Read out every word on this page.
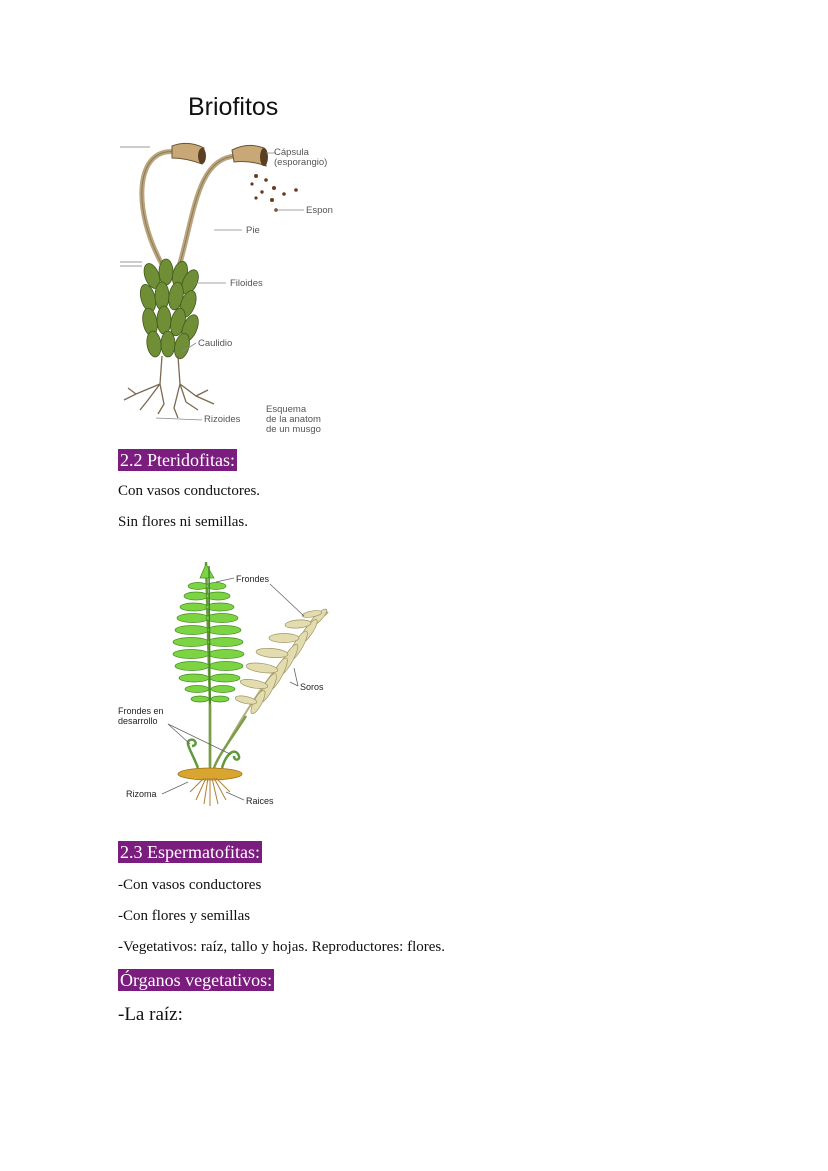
Briofitos
Cápsula
(esporangio)
Espon
Pie
Filoides
Caulidio
Rizoides
Esquema
de la anatom
de un musgo
2.2 Pteridofitas:
Con vasos conductores.
Sin flores ni semillas.
Frondes
Soros
Frondes en
desarrollo
Rizoma
Raices
2.3 Espermatofitas:
-Con vasos conductores
-Con flores y semillas
-Vegetativos: raíz, tallo y hojas. Reproductores: flores.
Órganos vegetativos:
-La raíz:
